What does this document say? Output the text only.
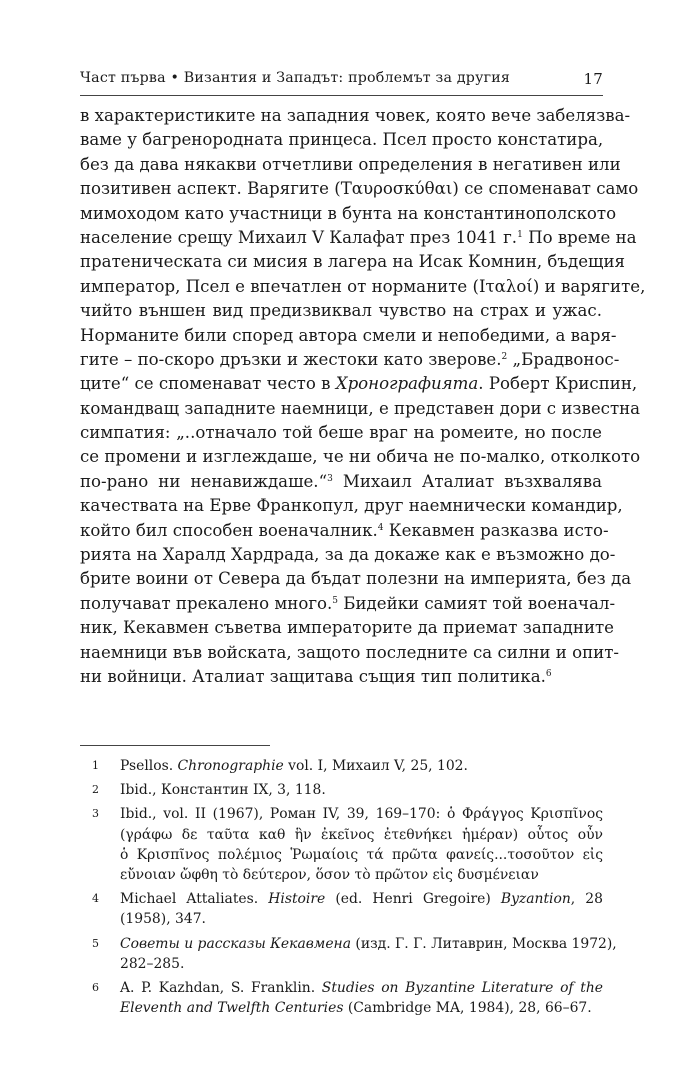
Част първа • Византия и Западът: проблемът за другия	17
в характеристиките на западния човек, която вече забелязва-
ваме у багренородната принцеса. Псел просто констатира,
без да дава някакви отчетливи определения в негативен или
позитивен аспект. Варягите (Ταυροσκύθαι) се споменават само
мимоходом като участници в бунта на константинополското
население срещу Михаил V Калафат през 1041 г.$^1$ По време на
пратеническата си мисия в лагера на Исак Комнин, бъдещия
император, Псел е впечатлен от норманите (Ιταλοί) и варягите,
чийто външен вид предизвиквал чувство на страх и ужас.
Норманите били според автора смели и непобедими, а варя-
гите – по-скоро дръзки и жестоки като зверове.$^2$ „Брадвонос-
ците“ се споменават често в Хронографията. Роберт Криспин,
командващ западните наемници, е представен дори с известна
симпатия: „..отначало той беше враг на ромеите, но после
се промени и изглеждаше, че ни обича не по-малко, отколкото
по-рано ни ненавиждаше.“$^3$ Михаил Аталиат възхвалява
качествата на Ерве Франкопул, друг наемнически командир,
който бил способен военачалник.$^4$ Кекавмен разказва исто-
рията на Харалд Хардрада, за да докаже как е възможно до-
брите воини от Севера да бъдат полезни на империята, без да
получават прекалено много.$^5$ Бидейки самият той военачал-
ник, Кекавмен съветва императорите да приемат западните
наемници във войската, защото последните са силни и опит-
ни войници. Аталиат защитава същия тип политика.$^6$
1 Psellos. Chronographie vol. I, Михаил V, 25, 102.
2 Ibid., Константин IX, 3, 118.
3 Ibid., vol. II (1967), Роман IV, 39, 169–170: ὁ Φράγγος Κρισπῖνος
(γράφω δε ταῦτα καθ ἣν ἐκεῖνος ἐτεθνήκει ἡμέραν) οὗτος οὖν
ὁ Κρισπῖνος πολέμιος Ῥωμαίοις τά πρῶτα φανείς...τοσοῦτον εἰς
εὔνοιαν ὤφθη τὸ δεύτερον, ὅσον τὸ πρῶτον εἰς δυσμένειαν
4 Michael Attaliates. Histoire (ed. Henri Gregoire) Byzantion, 28
(1958), 347.
5 Советы и рассказы Кекавмена (изд. Г. Г. Литаврин, Москва 1972),
282–285.
6 A. P. Kazhdan, S. Franklin. Studies on Byzantine Literature of the
Eleventh and Twelfth Centuries (Cambridge MA, 1984), 28, 66–67.
